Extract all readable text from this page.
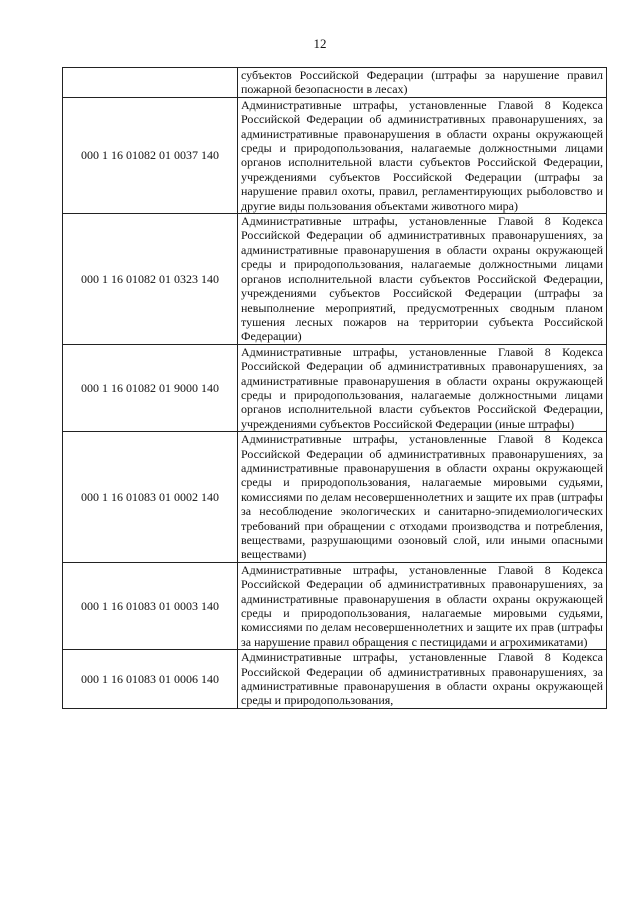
12
	субъектов Российской Федерации (штрафы за нарушение правил пожарной безопасности в лесах)
000 1 16 01082 01 0037 140	Административные штрафы, установленные Главой 8 Кодекса Российской Федерации об административных правонарушениях, за административные правонарушения в области охраны окружающей среды и природопользования, налагаемые должностными лицами органов исполнительной власти субъектов Российской Федерации, учреждениями субъектов Российской Федерации (штрафы за нарушение правил охоты, правил, регламентирующих рыболовство и другие виды пользования объектами животного мира)
000 1 16 01082 01 0323 140	Административные штрафы, установленные Главой 8 Кодекса Российской Федерации об административных правонарушениях, за административные правонарушения в области охраны окружающей среды и природопользования, налагаемые должностными лицами органов исполнительной власти субъектов Российской Федерации, учреждениями субъектов Российской Федерации (штрафы за невыполнение мероприятий, предусмотренных сводным планом тушения лесных пожаров на территории субъекта Российской Федерации)
000 1 16 01082 01 9000 140	Административные штрафы, установленные Главой 8 Кодекса Российской Федерации об административных правонарушениях, за административные правонарушения в области охраны окружающей среды и природопользования, налагаемые должностными лицами органов исполнительной власти субъектов Российской Федерации, учреждениями субъектов Российской Федерации (иные штрафы)
000 1 16 01083 01 0002 140	Административные штрафы, установленные Главой 8 Кодекса Российской Федерации об административных правонарушениях, за административные правонарушения в области охраны окружающей среды и природопользования, налагаемые мировыми судьями, комиссиями по делам несовершеннолетних и защите их прав (штрафы за несоблюдение экологических и санитарно-эпидемиологических требований при обращении с отходами производства и потребления, веществами, разрушающими озоновый слой, или иными опасными веществами)
000 1 16 01083 01 0003 140	Административные штрафы, установленные Главой 8 Кодекса Российской Федерации об административных правонарушениях, за административные правонарушения в области охраны окружающей среды и природопользования, налагаемые мировыми судьями, комиссиями по делам несовершеннолетних и защите их прав (штрафы за нарушение правил обращения с пестицидами и агрохимикатами)
000 1 16 01083 01 0006 140	Административные штрафы, установленные Главой 8 Кодекса Российской Федерации об административных правонарушениях, за административные правонарушения в области охраны окружающей среды и природопользования,
